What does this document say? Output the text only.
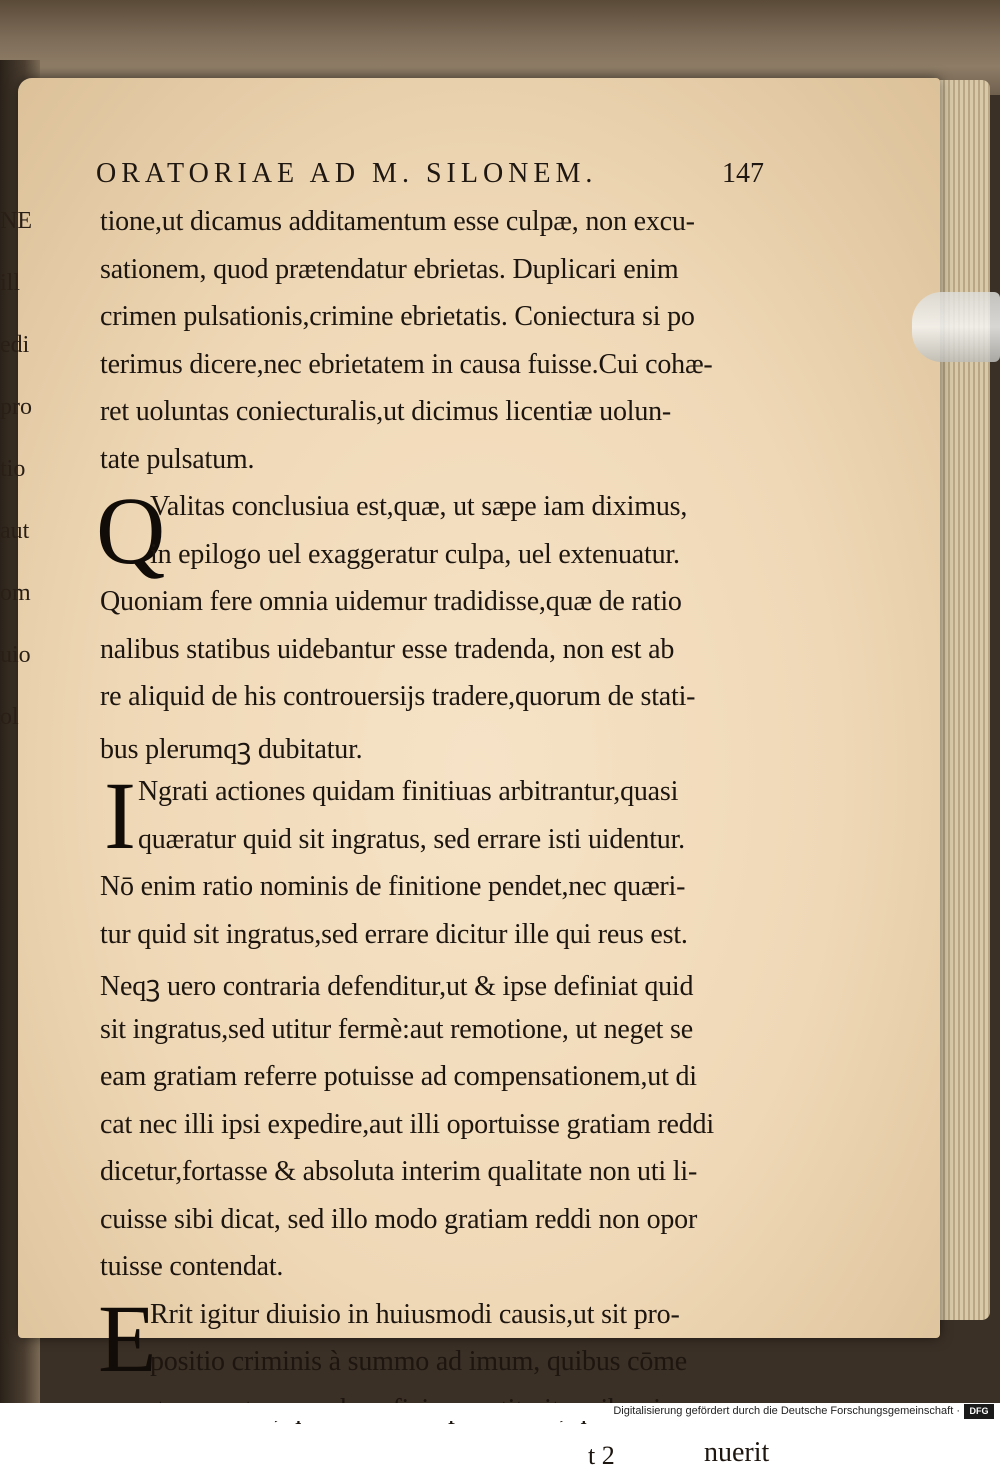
NE
ill
edi
pro
tio
aut
om
uio
ol
ORATORIAE AD M. SILONEM.	147
tione,ut dicamus additamentum esse culpæ, non excu-
sationem, quod prætendatur ebrietas. Duplicari enim
crimen pulsationis,crimine ebrietatis. Coniectura si po
terimus dicere,nec ebrietatem in causa fuisse.Cui cohæ-
ret uoluntas coniecturalis,ut dicimus licentiæ uolun-
tate pulsatum.
Q
Valitas conclusiua est,quæ, ut sæpe iam diximus,
in epilogo uel exaggeratur culpa, uel extenuatur.
Quoniam fere omnia uidemur tradidisse,quæ de ratio
nalibus statibus uidebantur esse tradenda, non est ab
re aliquid de his controuersijs tradere,quorum de stati-
bus plerumqꝫ dubitatur.
I Ngrati actiones quidam finitiuas arbitrantur,quasi
quæratur quid sit ingratus, sed errare isti uidentur.
Nō enim ratio nominis de finitione pendet,nec quæri-
tur quid sit ingratus,sed errare dicitur ille qui reus est.
Neqꝫ uero contraria defenditur,ut & ipse definiat quid
sit ingratus,sed utitur fermè:aut remotione, ut neget se
eam gratiam referre potuisse ad compensationem,ut di
cat nec illi ipsi expedire,aut illi oportuisse gratiam reddi
dicetur,fortasse & absoluta interim qualitate non uti li-
cuisse sibi dicat, sed illo modo gratiam reddi non opor
tuisse contendat.
E
Rrit igitur diuisio in huiusmodi causis,ut sit pro-
positio criminis à summo ad imum, quibus cōme
t 2	nuerit
Digitalisierung gefördert durch die Deutsche Forschungsgemeinschaft ·	DFG
